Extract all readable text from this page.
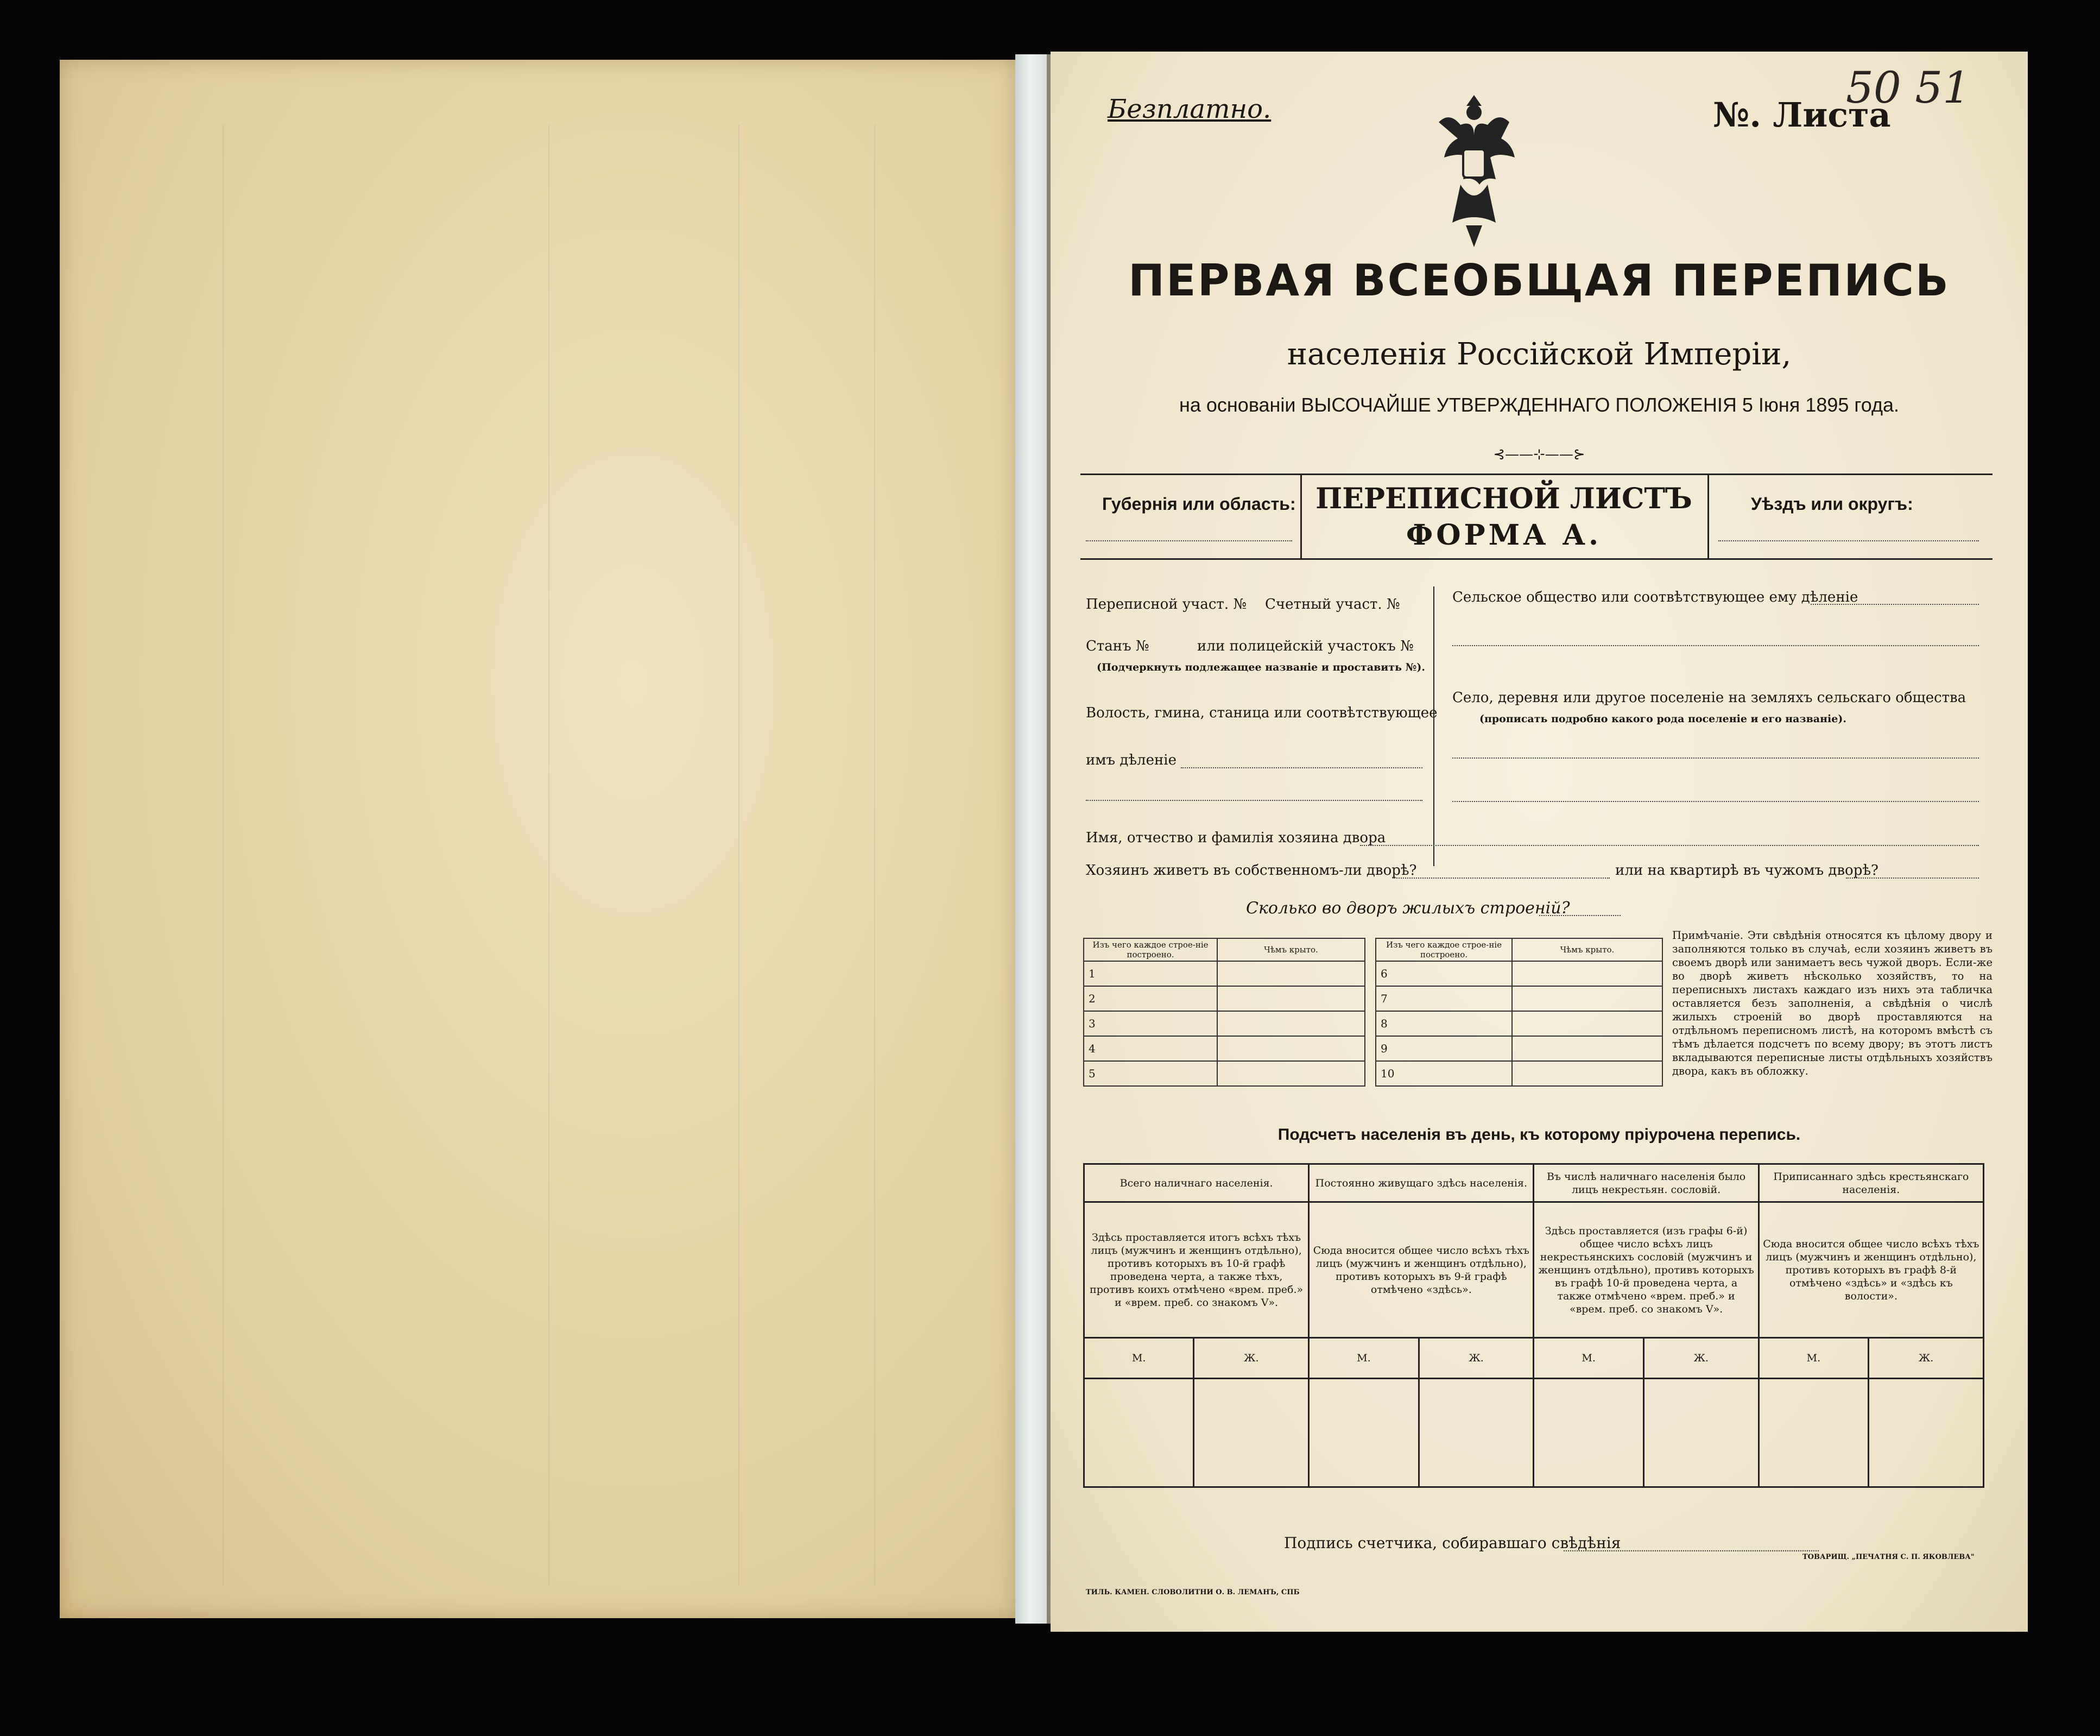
Безплатно.	№. Листа
50 51
ПЕРВАЯ ВСЕОБЩАЯ ПЕРЕПИСЬ
населенія Россійской Имперіи,
на основаніи ВЫСОЧАЙШЕ УТВЕРЖДЕННАГО ПОЛОЖЕНІЯ 5 Іюня 1895 года.
⊰——⊹——⊱
Губернія или область: ПЕРЕПИСНОЙ ЛИСТЪ
ФОРМА А.
Уѣздъ или округъ:
Переписной участ. № Счетный участ. №
Станъ №	или полицейскій участокъ №
(Подчеркнуть подлежащее названіе и проставить №).
Волость, гмина, станица или соотвѣтствующее
имъ дѣленіе
Сельское общество или соотвѣтствующее ему дѣленіе
Село, деревня или другое поселеніе на земляхъ сельскаго общества
(прописать подробно какого рода поселеніе и его названіе).
Имя, отчество и фамилія хозяина двора
Хозяинъ живетъ въ собственномъ-ли дворѣ?	или на квартирѣ въ чужомъ дворѣ?
Сколько во дворъ жилыхъ строеній?
Изъ чего каждое строе-ніе построено.	Чѣмъ крыто.
1	
2	
3	
4	
5	
Изъ чего каждое строе-ніе построено.	Чѣмъ крыто.
6	
7	
8	
9	
10	
Примѣчаніе. Эти свѣдѣнія относятся къ цѣлому двору и заполняются только въ случаѣ, если хозяинъ живетъ въ своемъ дворѣ или занимаетъ весь чужой дворъ. Если-же во дворѣ живетъ нѣсколько хозяйствъ, то на переписныхъ листахъ каждаго изъ нихъ эта табличка оставляется безъ заполненія, а свѣдѣнія о числѣ жилыхъ строеній во дворѣ проставляются на отдѣльномъ переписномъ листѣ, на которомъ вмѣстѣ съ тѣмъ дѣлается подсчетъ по всему двору; въ этотъ листъ вкладываются переписные листы отдѣльныхъ хозяйствъ двора, какъ въ обложку.
Подсчетъ населенія въ день, къ которому пріурочена перепись.
Всего наличнаго населенія.		Постоянно живущаго здѣсь населенія.		Въ числѣ наличнаго населенія было лицъ некрестьян. сословій.		Приписаннаго здѣсь крестьянскаго населенія.	
Здѣсь проставляется итогъ всѣхъ тѣхъ лицъ (мужчинъ и женщинъ отдѣльно), противъ которыхъ въ 10-й графѣ проведена черта, а также тѣхъ, противъ коихъ отмѣчено «врем. преб.» и «врем. преб. со знакомъ V».		Сюда вносится общее число всѣхъ тѣхъ лицъ (мужчинъ и женщинъ отдѣльно), противъ которыхъ въ 9-й графѣ отмѣчено «здѣсь».		Здѣсь проставляется (изъ графы 6-й) общее число всѣхъ лицъ некрестьянскихъ сословій (мужчинъ и женщинъ отдѣльно), противъ которыхъ въ графѣ 10-й проведена черта, а также отмѣчено «врем. преб.» и «врем. преб. со знакомъ V».		Сюда вносится общее число всѣхъ тѣхъ лицъ (мужчинъ и женщинъ отдѣльно), противъ которыхъ въ графѣ 8-й отмѣчено «здѣсь» и «здѣсь къ волости».	
М.	Ж.	М.	Ж.	М.	Ж.	М.	Ж.

Подпись счетчика, собиравшаго свѣдѣнія
ТИЛЬ. КАМЕН. СЛОВОЛИТНИ О. В. ЛЕМАНЪ, СПБ
ТОВАРИЩ. „ПЕЧАТНЯ С. П. ЯКОВЛЕВА"
